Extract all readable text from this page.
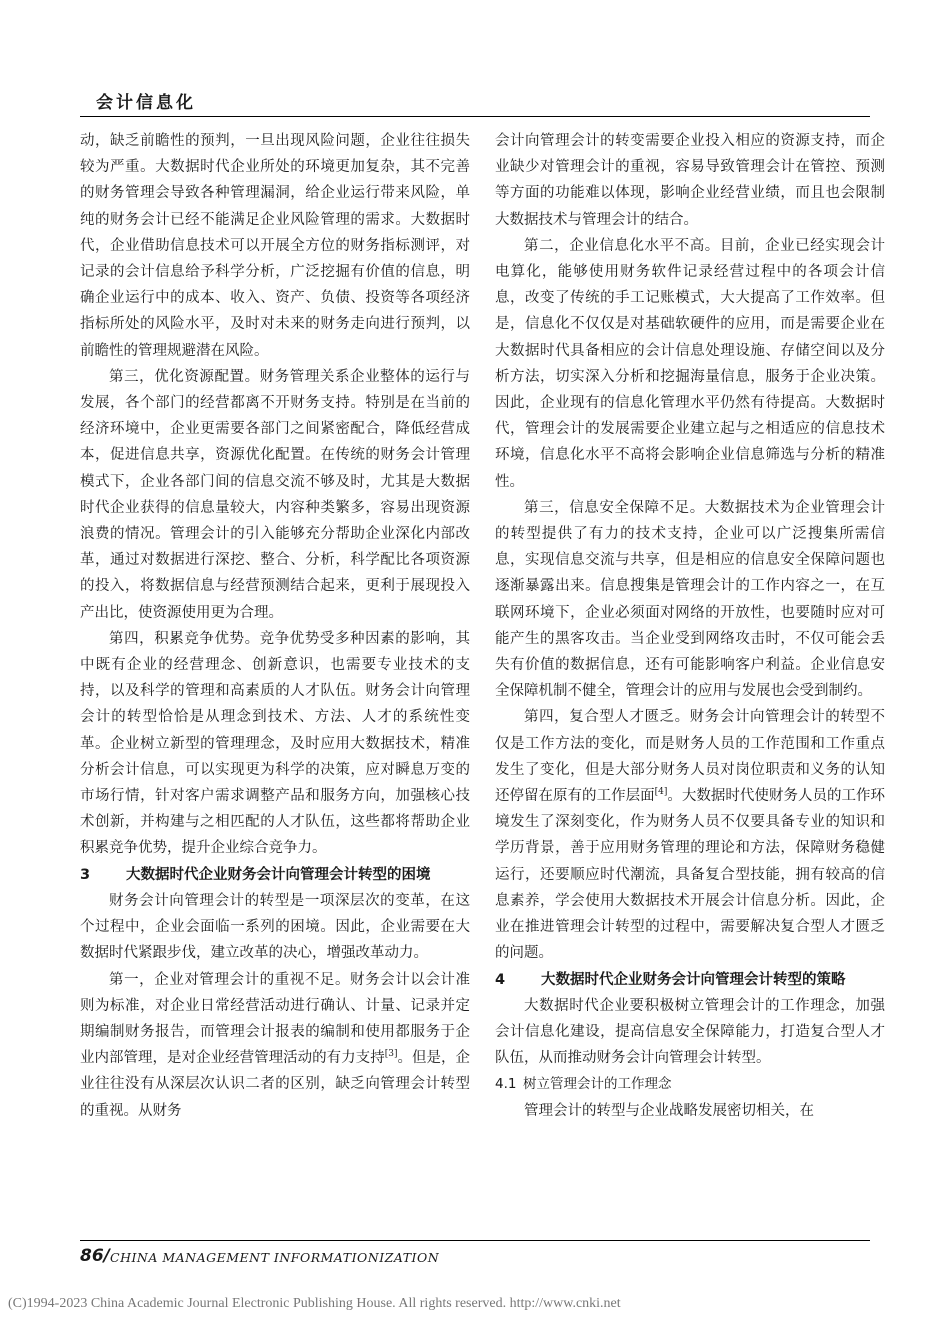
会计信息化

动，缺乏前瞻性的预判，一旦出现风险问题，企业往往损失较为严重。大数据时代企业所处的环境更加复杂，其不完善的财务管理会导致各种管理漏洞，给企业运行带来风险，单纯的财务会计已经不能满足企业风险管理的需求。大数据时代，企业借助信息技术可以开展全方位的财务指标测评，对记录的会计信息给予科学分析，广泛挖掘有价值的信息，明确企业运行中的成本、收入、资产、负债、投资等各项经济指标所处的风险水平，及时对未来的财务走向进行预判，以前瞻性的管理规避潜在风险。

第三，优化资源配置。财务管理关系企业整体的运行与发展，各个部门的经营都离不开财务支持。特别是在当前的经济环境中，企业更需要各部门之间紧密配合，降低经营成本，促进信息共享，资源优化配置。在传统的财务会计管理模式下，企业各部门间的信息交流不够及时，尤其是大数据时代企业获得的信息量较大，内容种类繁多，容易出现资源浪费的情况。管理会计的引入能够充分帮助企业深化内部改革，通过对数据进行深挖、整合、分析，科学配比各项资源的投入，将数据信息与经营预测结合起来，更利于展现投入产出比，使资源使用更为合理。

第四，积累竞争优势。竞争优势受多种因素的影响，其中既有企业的经营理念、创新意识，也需要专业技术的支持，以及科学的管理和高素质的人才队伍。财务会计向管理会计的转型恰恰是从理念到技术、方法、人才的系统性变革。企业树立新型的管理理念，及时应用大数据技术，精准分析会计信息，可以实现更为科学的决策，应对瞬息万变的市场行情，针对客户需求调整产品和服务方向，加强核心技术创新，并构建与之相匹配的人才队伍，这些都将帮助企业积累竞争优势，提升企业综合竞争力。

3 大数据时代企业财务会计向管理会计转型的困境

财务会计向管理会计的转型是一项深层次的变革，在这个过程中，企业会面临一系列的困境。因此，企业需要在大数据时代紧跟步伐，建立改革的决心，增强改革动力。

第一，企业对管理会计的重视不足。财务会计以会计准则为标准，对企业日常经营活动进行确认、计量、记录并定期编制财务报告，而管理会计报表的编制和使用都服务于企业内部管理，是对企业经营管理活动的有力支持[3]。但是，企业往往没有从深层次认识二者的区别，缺乏向管理会计转型的重视。从财务

会计向管理会计的转变需要企业投入相应的资源支持，而企业缺少对管理会计的重视，容易导致管理会计在管控、预测等方面的功能难以体现，影响企业经营业绩，而且也会限制大数据技术与管理会计的结合。

第二，企业信息化水平不高。目前，企业已经实现会计电算化，能够使用财务软件记录经营过程中的各项会计信息，改变了传统的手工记账模式，大大提高了工作效率。但是，信息化不仅仅是对基础软硬件的应用，而是需要企业在大数据时代具备相应的会计信息处理设施、存储空间以及分析方法，切实深入分析和挖掘海量信息，服务于企业决策。因此，企业现有的信息化管理水平仍然有待提高。大数据时代，管理会计的发展需要企业建立起与之相适应的信息技术环境，信息化水平不高将会影响企业信息筛选与分析的精准性。

第三，信息安全保障不足。大数据技术为企业管理会计的转型提供了有力的技术支持，企业可以广泛搜集所需信息，实现信息交流与共享，但是相应的信息安全保障问题也逐渐暴露出来。信息搜集是管理会计的工作内容之一，在互联网环境下，企业必须面对网络的开放性，也要随时应对可能产生的黑客攻击。当企业受到网络攻击时，不仅可能会丢失有价值的数据信息，还有可能影响客户利益。企业信息安全保障机制不健全，管理会计的应用与发展也会受到制约。

第四，复合型人才匮乏。财务会计向管理会计的转型不仅是工作方法的变化，而是财务人员的工作范围和工作重点发生了变化，但是大部分财务人员对岗位职责和义务的认知还停留在原有的工作层面[4]。大数据时代使财务人员的工作环境发生了深刻变化，作为财务人员不仅要具备专业的知识和学历背景，善于应用财务管理的理论和方法，保障财务稳健运行，还要顺应时代潮流，具备复合型技能，拥有较高的信息素养，学会使用大数据技术开展会计信息分析。因此，企业在推进管理会计转型的过程中，需要解决复合型人才匮乏的问题。

4 大数据时代企业财务会计向管理会计转型的策略

大数据时代企业要积极树立管理会计的工作理念，加强会计信息化建设，提高信息安全保障能力，打造复合型人才队伍，从而推动财务会计向管理会计转型。

4.1 树立管理会计的工作理念

管理会计的转型与企业战略发展密切相关，在

86/ CHINA MANAGEMENT INFORMATIONIZATION
(C)1994-2023 China Academic Journal Electronic Publishing House. All rights reserved. http://www.cnki.net
